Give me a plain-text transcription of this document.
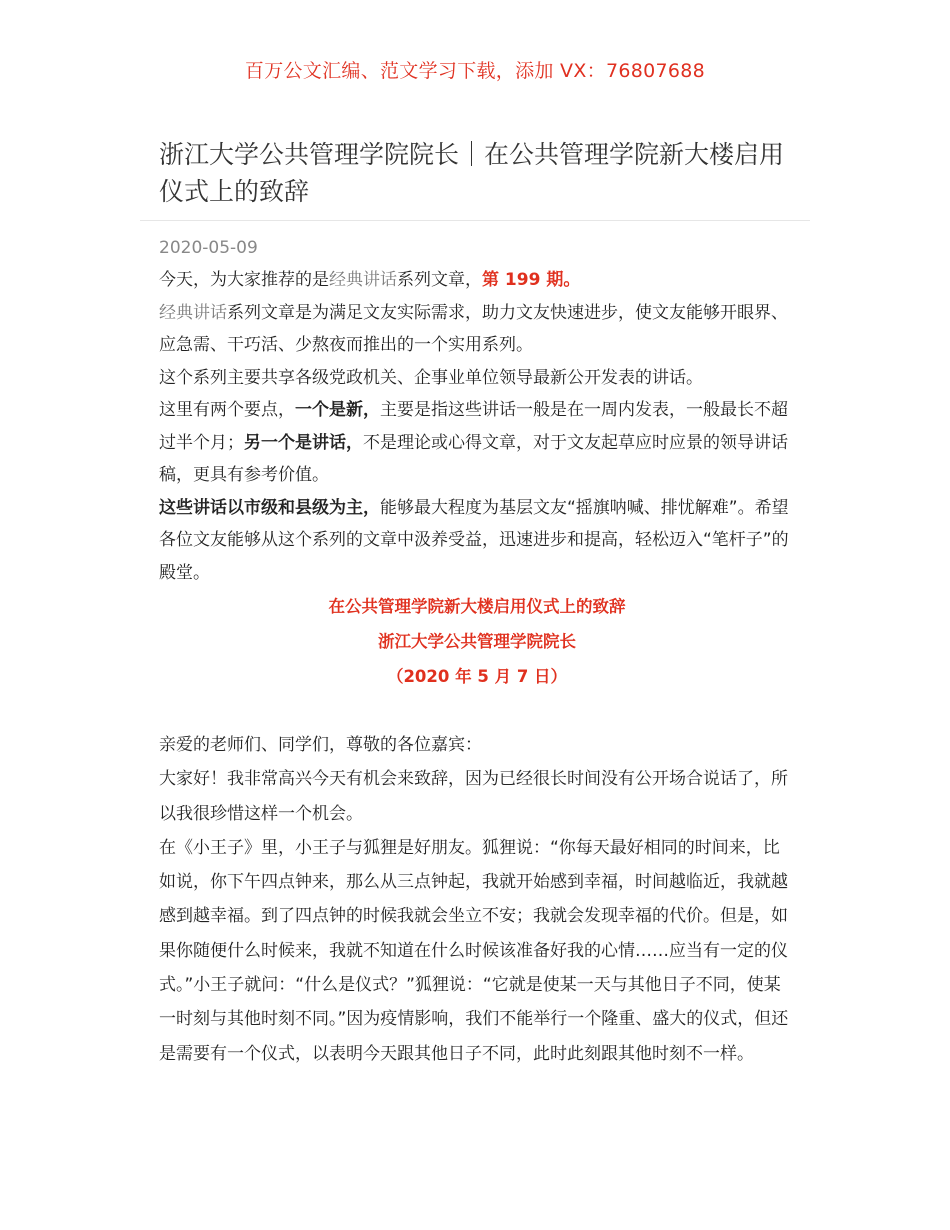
百万公文汇编、范文学习下载，添加 VX：76807688
浙江大学公共管理学院院长｜在公共管理学院新大楼启用仪式上的致辞
2020-05-09

今天，为大家推荐的是经典讲话系列文章，第 199 期。

经典讲话系列文章是为满足文友实际需求，助力文友快速进步，使文友能够开眼界、应急需、干巧活、少熬夜而推出的一个实用系列。

这个系列主要共享各级党政机关、企事业单位领导最新公开发表的讲话。

这里有两个要点，一个是新，主要是指这些讲话一般是在一周内发表，一般最长不超过半个月；另一个是讲话，不是理论或心得文章，对于文友起草应时应景的领导讲话稿，更具有参考价值。

这些讲话以市级和县级为主，能够最大程度为基层文友“摇旗呐喊、排忧解难”。希望各位文友能够从这个系列的文章中汲养受益，迅速进步和提高，轻松迈入“笔杆子”的殿堂。

在公共管理学院新大楼启用仪式上的致辞
浙江大学公共管理学院院长
（2020 年 5 月 7 日）

亲爱的老师们、同学们，尊敬的各位嘉宾：

大家好！我非常高兴今天有机会来致辞，因为已经很长时间没有公开场合说话了，所以我很珍惜这样一个机会。

在《小王子》里，小王子与狐狸是好朋友。狐狸说：“你每天最好相同的时间来，比如说，你下午四点钟来，那么从三点钟起，我就开始感到幸福，时间越临近，我就越感到越幸福。到了四点钟的时候我就会坐立不安；我就会发现幸福的代价。但是，如果你随便什么时候来，我就不知道在什么时候该准备好我的心情……应当有一定的仪式。”小王子就问：“什么是仪式？”狐狸说：“它就是使某一天与其他日子不同，使某一时刻与其他时刻不同。”因为疫情影响，我们不能举行一个隆重、盛大的仪式，但还是需要有一个仪式，以表明今天跟其他日子不同，此时此刻跟其他时刻不一样。
